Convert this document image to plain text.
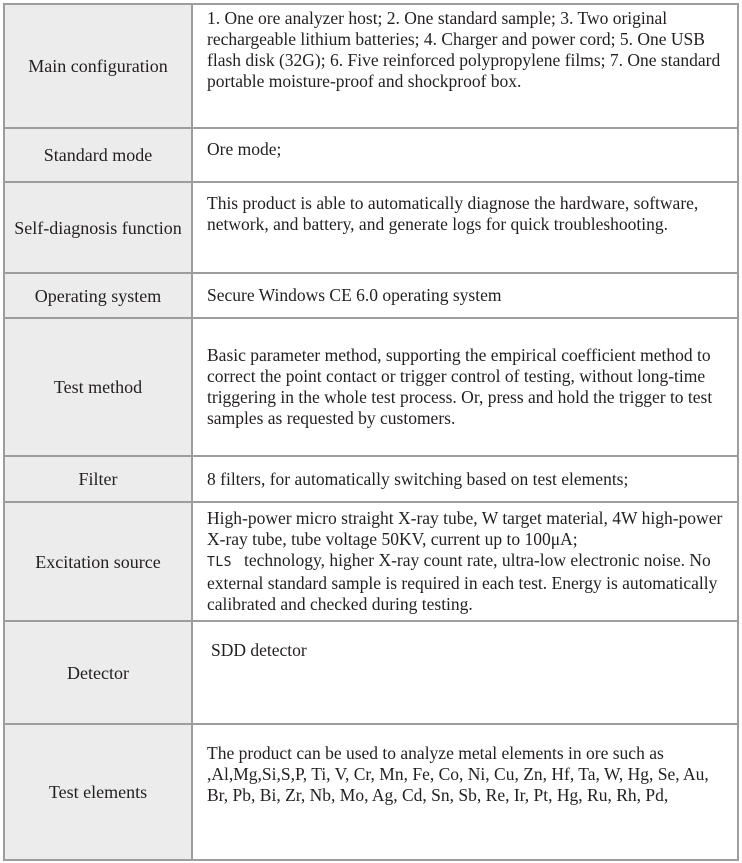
Main configuration	1. One ore analyzer host; 2. One standard sample; 3. Two original rechargeable lithium batteries; 4. Charger and power cord; 5. One USB flash disk (32G); 6. Five reinforced polypropylene films; 7. One standard portable moisture-proof and shockproof box.
Standard mode	Ore mode;
Self-diagnosis function	This product is able to automatically diagnose the hardware, software, network, and battery, and generate logs for quick troubleshooting.
Operating system	Secure Windows CE 6.0 operating system
Test method	Basic parameter method, supporting the empirical coefficient method to correct the point contact or trigger control of testing, without long-time triggering in the whole test process. Or, press and hold the trigger to test samples as requested by customers.
Filter	8 filters, for automatically switching based on test elements;
Excitation source	High-power micro straight X-ray tube, W target material, 4W high-power X-ray tube, tube voltage 50KV, current up to 100μA;
TLS technology, higher X-ray count rate, ultra-low electronic noise. No external standard sample is required in each test. Energy is automatically calibrated and checked during testing.
Detector	SDD detector
Test elements	The product can be used to analyze metal elements in ore such as ,Al,Mg,Si,S,P, Ti, V, Cr, Mn, Fe, Co, Ni, Cu, Zn, Hf, Ta, W, Hg, Se, Au, Br, Pb, Bi, Zr, Nb, Mo, Ag, Cd, Sn, Sb, Re, Ir, Pt, Hg, Ru, Rh, Pd,
